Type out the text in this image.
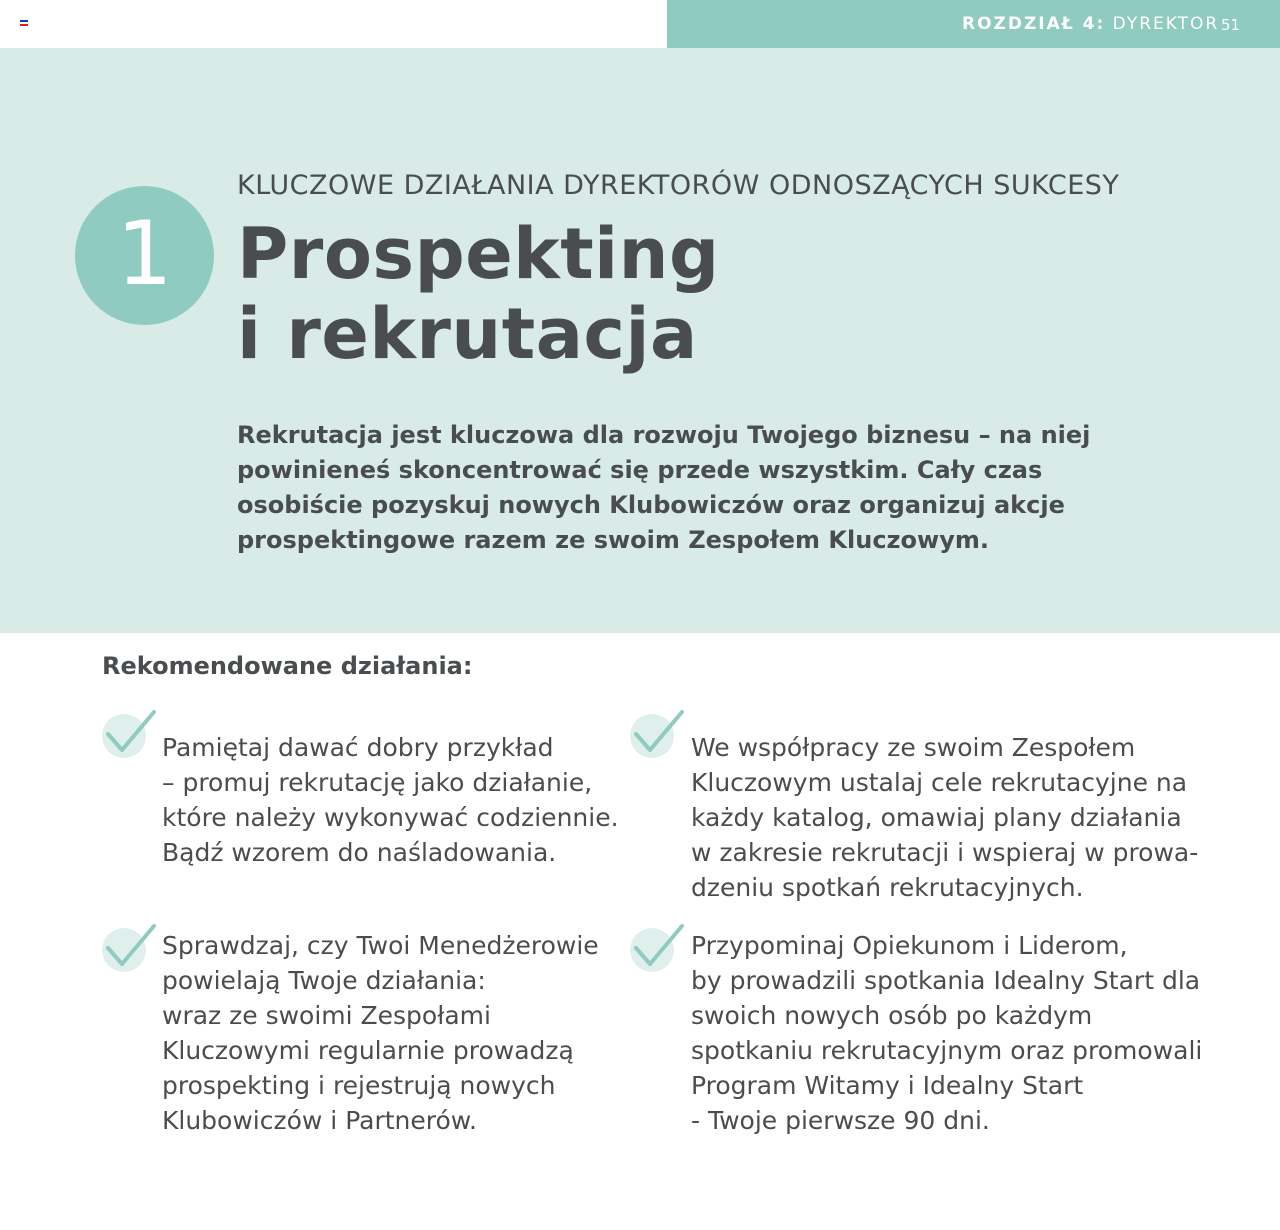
ROZDZIAŁ 4: DYREKTOR 51
1
KLUCZOWE DZIAŁANIA DYREKTORÓW ODNOSZĄCYCH SUKCESY
Prospekting
i rekrutacja
Rekrutacja jest kluczowa dla rozwoju Twojego biznesu – na niej powinieneś skoncentrować się przede wszystkim. Cały czas osobiście pozyskuj nowych Klubowiczów oraz organizuj akcje prospektingowe razem ze swoim Zespołem Kluczowym.
Rekomendowane działania:
Pamiętaj dawać dobry przykład
– promuj rekrutację jako działanie,
które należy wykonywać codziennie.
Bądź wzorem do naśladowania.
We współpracy ze swoim Zespołem
Kluczowym ustalaj cele rekrutacyjne na
każdy katalog, omawiaj plany działania
w zakresie rekrutacji i wspieraj w prowa-
dzeniu spotkań rekrutacyjnych.
Sprawdzaj, czy Twoi Menedżerowie
powielają Twoje działania:
wraz ze swoimi Zespołami
Kluczowymi regularnie prowadzą
prospekting i rejestrują nowych
Klubowiczów i Partnerów.
Przypominaj Opiekunom i Liderom,
by prowadzili spotkania Idealny Start dla
swoich nowych osób po każdym
spotkaniu rekrutacyjnym oraz promowali
Program Witamy i Idealny Start
- Twoje pierwsze 90 dni.
